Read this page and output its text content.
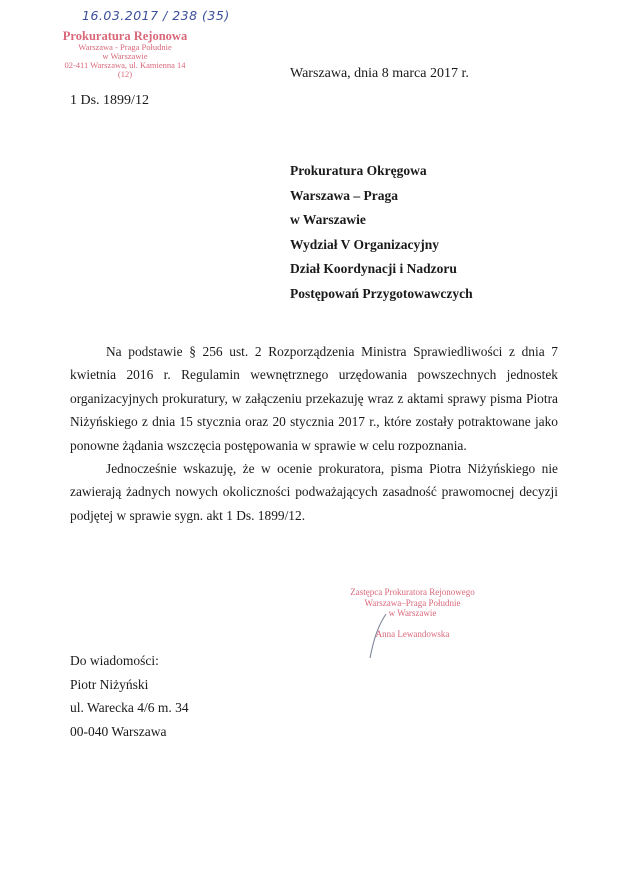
16.03.2017 / 238 (35)
Prokuratura Rejonowa
Warszawa - Praga Południe
w Warszawie
02-411 Warszawa, ul. Kamienna 14
(12)
1 Ds. 1899/12
Warszawa, dnia 8 marca 2017 r.
Prokuratura Okręgowa
Warszawa – Praga
w Warszawie
Wydział V Organizacyjny
Dział Koordynacji i Nadzoru
Postępowań Przygotowawczych

Na podstawie § 256 ust. 2 Rozporządzenia Ministra Sprawiedliwości z dnia 7 kwietnia 2016 r. Regulamin wewnętrznego urzędowania powszechnych jednostek organizacyjnych prokuratury, w załączeniu przekazuję wraz z aktami sprawy pisma Piotra Niżyńskiego z dnia 15 stycznia oraz 20 stycznia 2017 r., które zostały potraktowane jako ponowne żądania wszczęcia postępowania w sprawie w celu rozpoznania.

Jednocześnie wskazuję, że w ocenie prokuratora, pisma Piotra Niżyńskiego nie zawierają żadnych nowych okoliczności podważających zasadność prawomocnej decyzji podjętej w sprawie sygn. akt 1 Ds. 1899/12.

Zastępca Prokuratora Rejonowego
Warszawa–Praga Południe
w Warszawie
Anna Lewandowska
Do wiadomości:
Piotr Niżyński
ul. Warecka 4/6 m. 34
00-040 Warszawa
